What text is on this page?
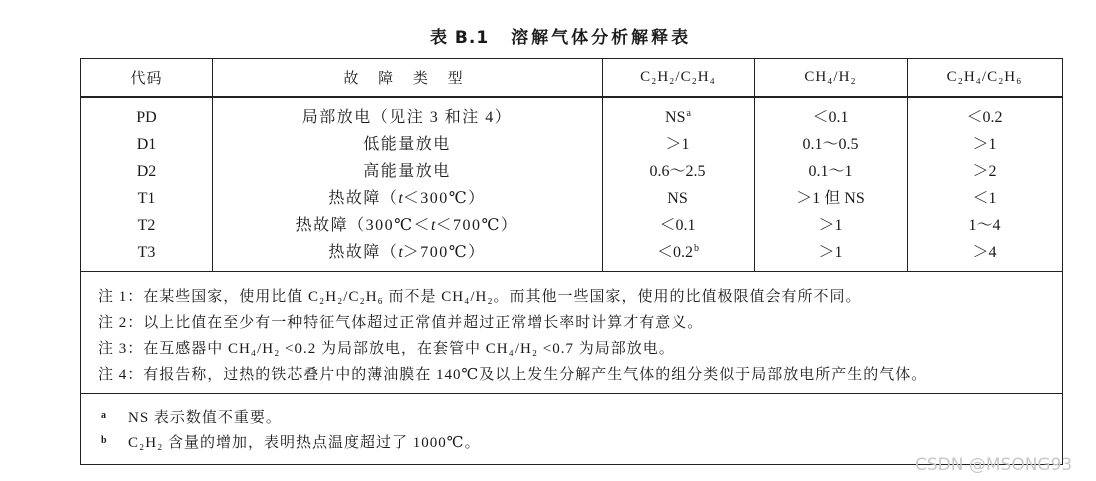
表 B.1 溶解气体分析解释表
代码	故 障 类 型	C₂H₂/C₂H₄	CH₄/H₂	C₂H₄/C₂H₆
PD	局部放电（见注 3 和注 4）	$NS^a$	＜0.1	＜0.2
D1	低能量放电	＞1	0.1～0.5	＞1
D2	高能量放电	0.6～2.5	0.1～1	＞2
T1	热故障（t＜300℃）	NS	＞1 但 NS	＜1
T2	热故障（300℃＜t＜700℃）	＜0.1	＞1	1～4
T3	热故障（t＞700℃）	＜0.2$^b$	＞1	＞4
注 1：在某些国家，使用比值 C₂H₂/C₂H₆ 而不是 CH₄/H₂。而其他一些国家，使用的比值极限值会有所不同。
注 2：以上比值在至少有一种特征气体超过正常值并超过正常增长率时计算才有意义。
注 3：在互感器中 CH₄/H₂ <0.2 为局部放电，在套管中 CH₄/H₂ <0.7 为局部放电。
注 4：有报告称，过热的铁芯叠片中的薄油膜在 140℃及以上发生分解产生气体的组分类似于局部放电所产生的气体。
a NS 表示数值不重要。
b C₂H₂ 含量的增加，表明热点温度超过了 1000℃。
CSDN @MSONG93
